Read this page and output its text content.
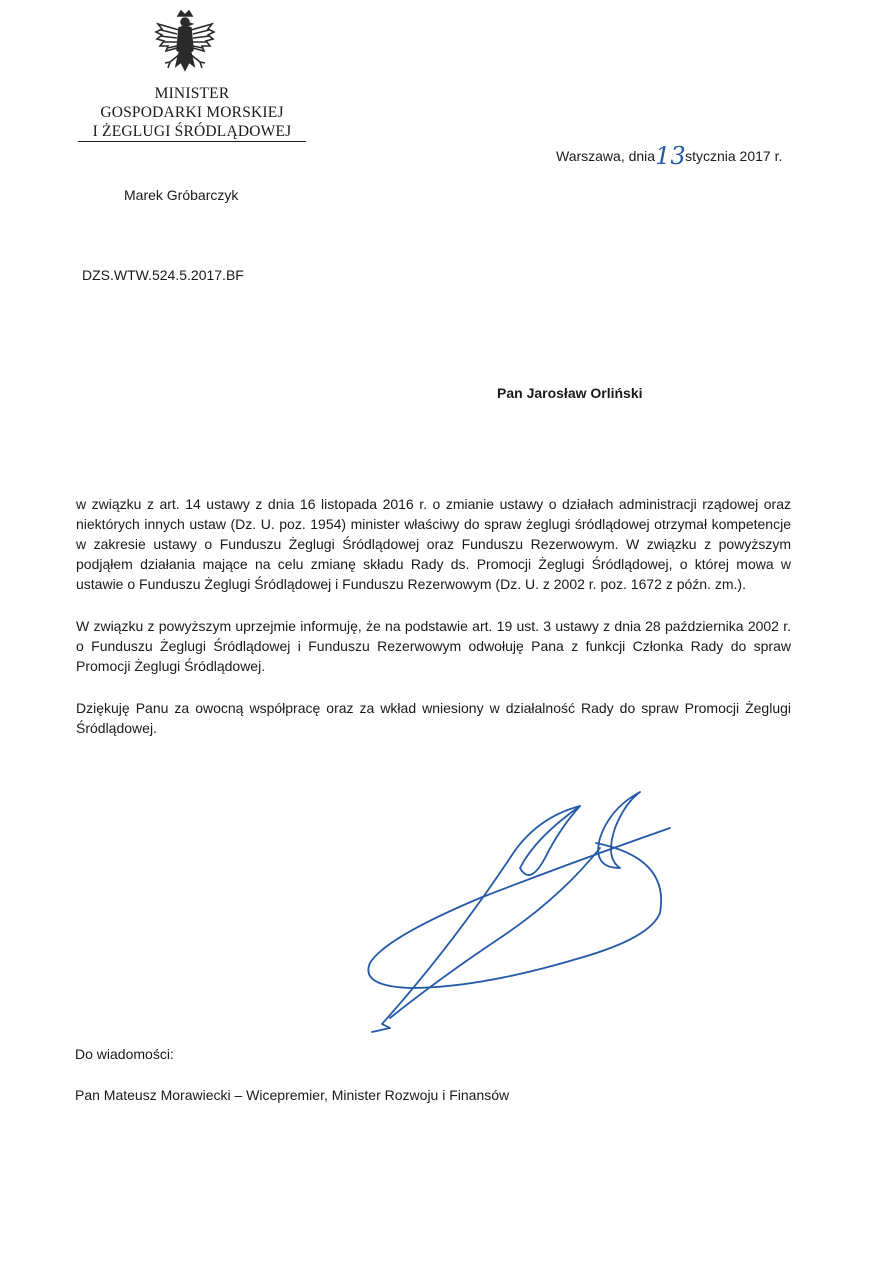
MINISTER
GOSPODARKI MORSKIEJ
I ŻEGLUGI ŚRÓDLĄDOWEJ
Warszawa, dnia13stycznia 2017 r.
Marek Gróbarczyk
DZS.WTW.524.5.2017.BF
Pan Jarosław Orliński

w związku z art. 14 ustawy z dnia 16 listopada 2016 r. o zmianie ustawy o działach administracji rządowej oraz niektórych innych ustaw (Dz. U. poz. 1954) minister właściwy do spraw żeglugi śródlądowej otrzymał kompetencje w zakresie ustawy o Funduszu Żeglugi Śródlądowej oraz Funduszu Rezerwowym. W związku z powyższym podjąłem działania mające na celu zmianę składu Rady ds. Promocji Żeglugi Śródlądowej, o której mowa w ustawie o Funduszu Żeglugi Śródlądowej i Funduszu Rezerwowym (Dz. U. z 2002 r. poz. 1672 z późn. zm.).

W związku z powyższym uprzejmie informuję, że na podstawie art. 19 ust. 3 ustawy z dnia 28 października 2002 r. o Funduszu Żeglugi Śródlądowej i Funduszu Rezerwowym odwołuję Pana z funkcji Członka Rady do spraw Promocji Żeglugi Śródlądowej.

Dziękuję Panu za owocną współpracę oraz za wkład wniesiony w działalność Rady do spraw Promocji Żeglugi Śródlądowej.

Do wiadomości:
Pan Mateusz Morawiecki – Wicepremier, Minister Rozwoju i Finansów
